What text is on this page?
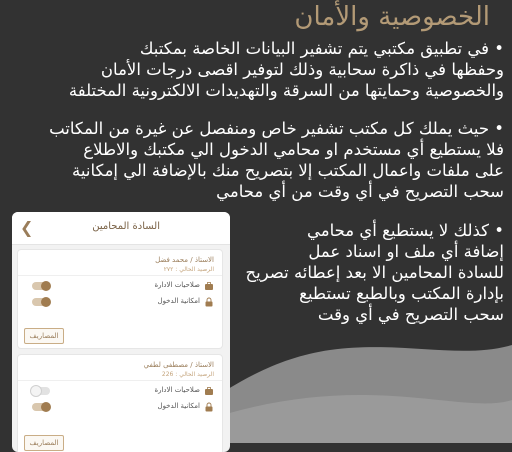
الخصوصية والأمان
• في تطبيق مكتبي يتم تشفير البيانات الخاصة بمكتبك
وحفظها في ذاكرة سحابية وذلك لتوفير اقصى درجات الأمان
والخصوصية وحمايتها من السرقة والتهديدات الالكترونية المختلفة
• حيث يملك كل مكتب تشفير خاص ومنفصل عن غيرة من المكاتب
فلا يستطيع أي مستخدم او محامي الدخول الي مكتبك والاطلاع
على ملفات واعمال المكتب إلا بتصريح منك بالإضافة الي إمكانية
سحب التصريح في أي وقت من أي محامي
• كذلك لا يستطيع أي محامي
إضافة أي ملف او اسناد عمل
للسادة المحامين الا بعد إعطائه تصريح
بإدارة المكتب وبالطبع تستطيع
سحب التصريح في أي وقت
❮	السادة المحامين
الاستاذ / محمد فضل
الرصيد الحالي : ٢٧٢
صلاحيات الادارة
امكانية الدخول
المصاريف
الاستاذ / مصطفى لطفي
الرصيد الحالي : 226
صلاحيات الادارة
امكانية الدخول
المصاريف
